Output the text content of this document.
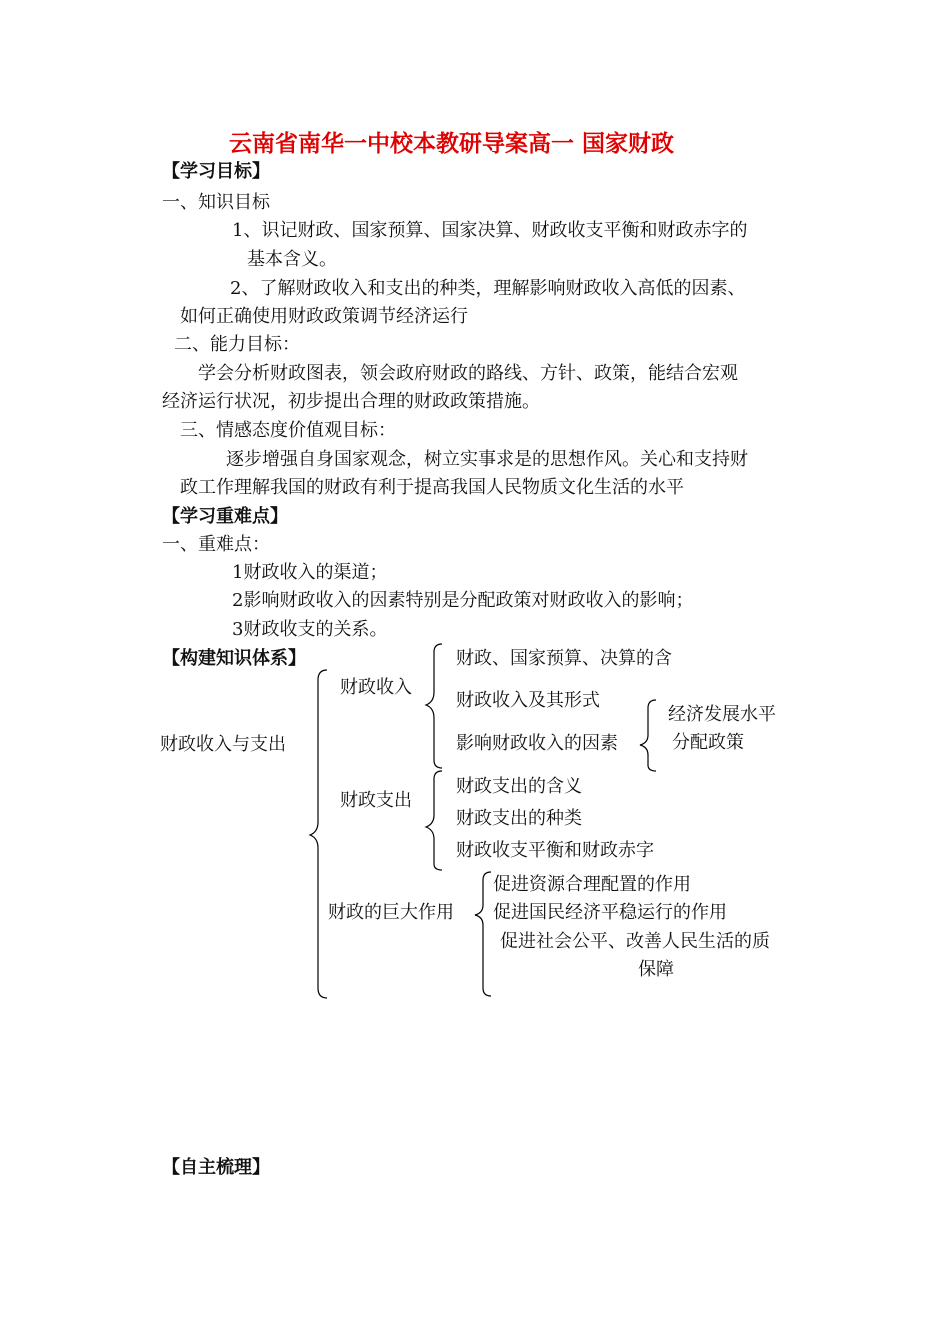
云南省南华一中校本教研导案高一 国家财政
【学习目标】
一、知识目标
1、识记财政、国家预算、国家决算、财政收支平衡和财政赤字的
基本含义。
2、了解财政收入和支出的种类，理解影响财政收入高低的因素、
如何正确使用财政政策调节经济运行
二、能力目标：
学会分析财政图表，领会政府财政的路线、方针、政策，能结合宏观
经济运行状况，初步提出合理的财政政策措施。
三、情感态度价值观目标：
逐步增强自身国家观念，树立实事求是的思想作风。关心和支持财
政工作理解我国的财政有利于提高我国人民物质文化生活的水平
【学习重难点】
一、重难点：
1财政收入的渠道；
2影响财政收入的因素特别是分配政策对财政收入的影响；
3财政收支的关系。
【构建知识体系】
财政收入与支出
财政收入
财政、国家预算、决算的含
财政收入及其形式
影响财政收入的因素
经济发展水平
分配政策
财政支出
财政支出的含义
财政支出的种类
财政收支平衡和财政赤字
财政的巨大作用
促进资源合理配置的作用
促进国民经济平稳运行的作用
促进社会公平、改善人民生活的质
保障
【自主梳理】
